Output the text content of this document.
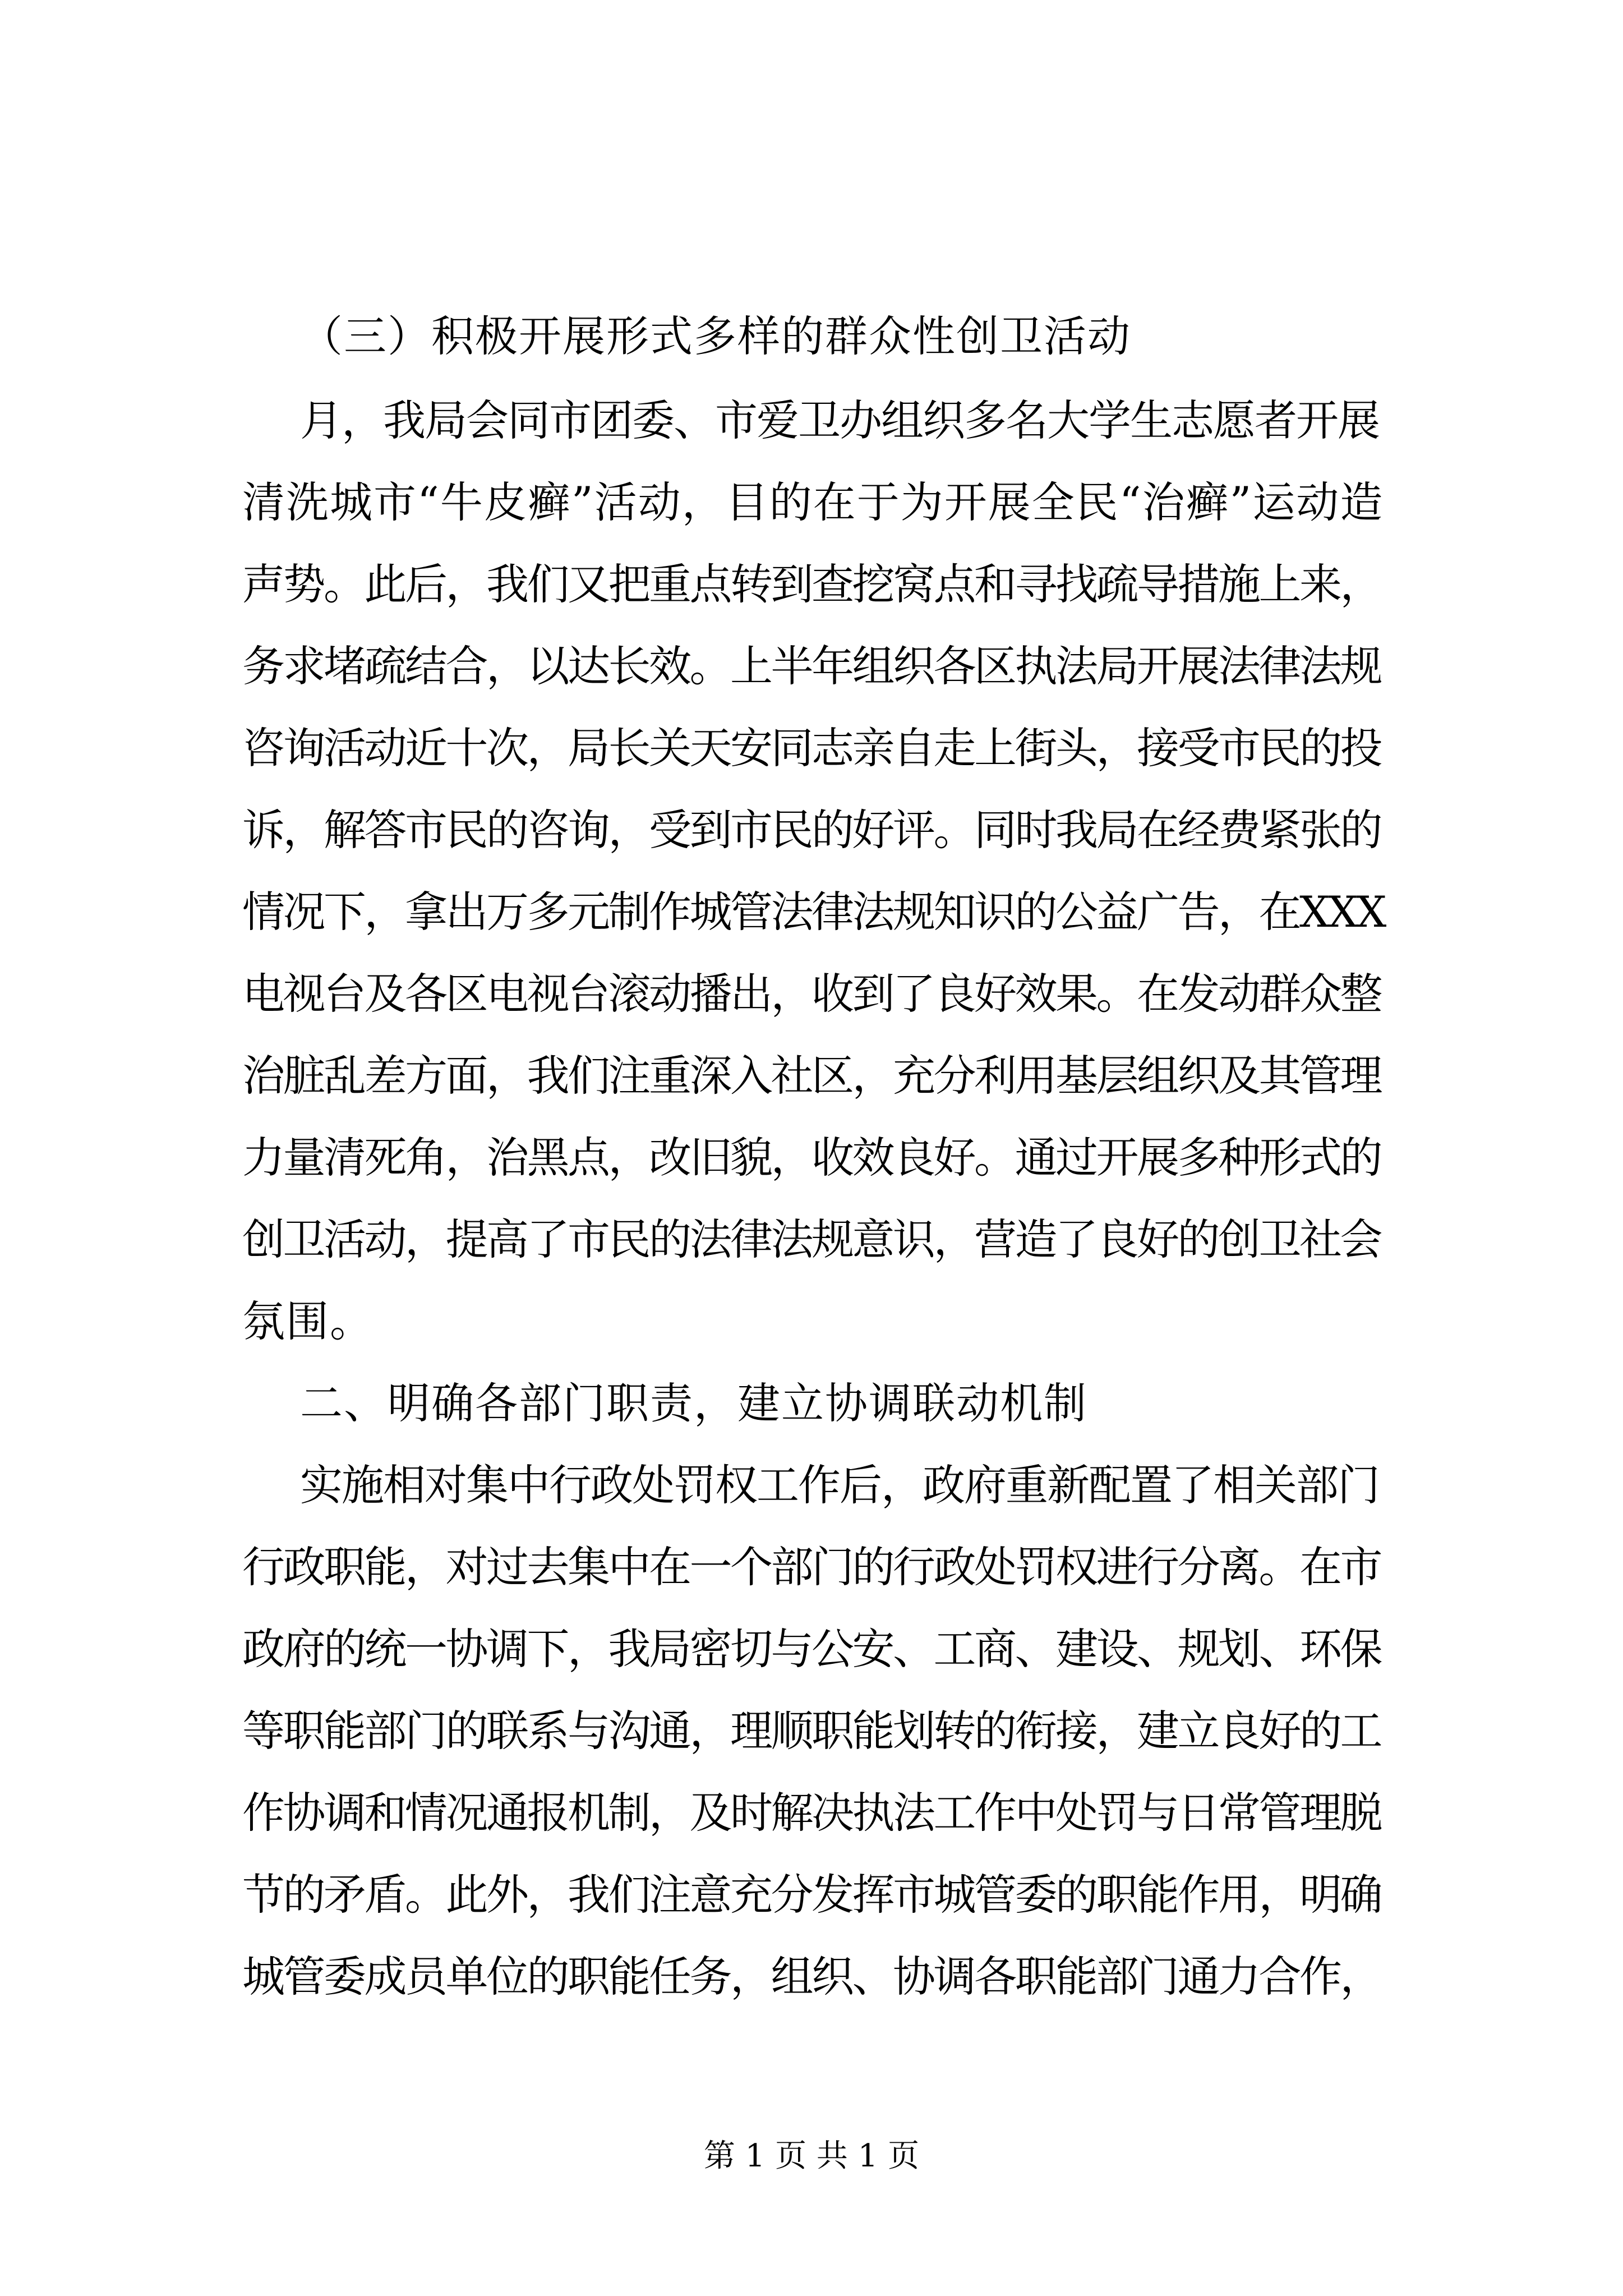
（三）积极开展形式多样的群众性创卫活动
月，我局会同市团委、市爱卫办组织多名大学生志愿者开展
清洗城市“牛皮癣”活动，目的在于为开展全民“治癣”运动造
声势。此后，我们又把重点转到查挖窝点和寻找疏导措施上来，
务求堵疏结合，以达长效。上半年组织各区执法局开展法律法规
咨询活动近十次，局长关天安同志亲自走上街头，接受市民的投
诉，解答市民的咨询，受到市民的好评。同时我局在经费紧张的
情况下，拿出万多元制作城管法律法规知识的公益广告，在XXX
电视台及各区电视台滚动播出，收到了良好效果。在发动群众整
治脏乱差方面，我们注重深入社区，充分利用基层组织及其管理
力量清死角，治黑点，改旧貌，收效良好。通过开展多种形式的
创卫活动，提高了市民的法律法规意识，营造了良好的创卫社会
氛围。
二、明确各部门职责，建立协调联动机制
实施相对集中行政处罚权工作后，政府重新配置了相关部门
行政职能，对过去集中在一个部门的行政处罚权进行分离。在市
政府的统一协调下，我局密切与公安、工商、建设、规划、环保
等职能部门的联系与沟通，理顺职能划转的衔接，建立良好的工
作协调和情况通报机制，及时解决执法工作中处罚与日常管理脱
节的矛盾。此外，我们注意充分发挥市城管委的职能作用，明确
城管委成员单位的职能任务，组织、协调各职能部门通力合作，
第 1 页 共 1 页
